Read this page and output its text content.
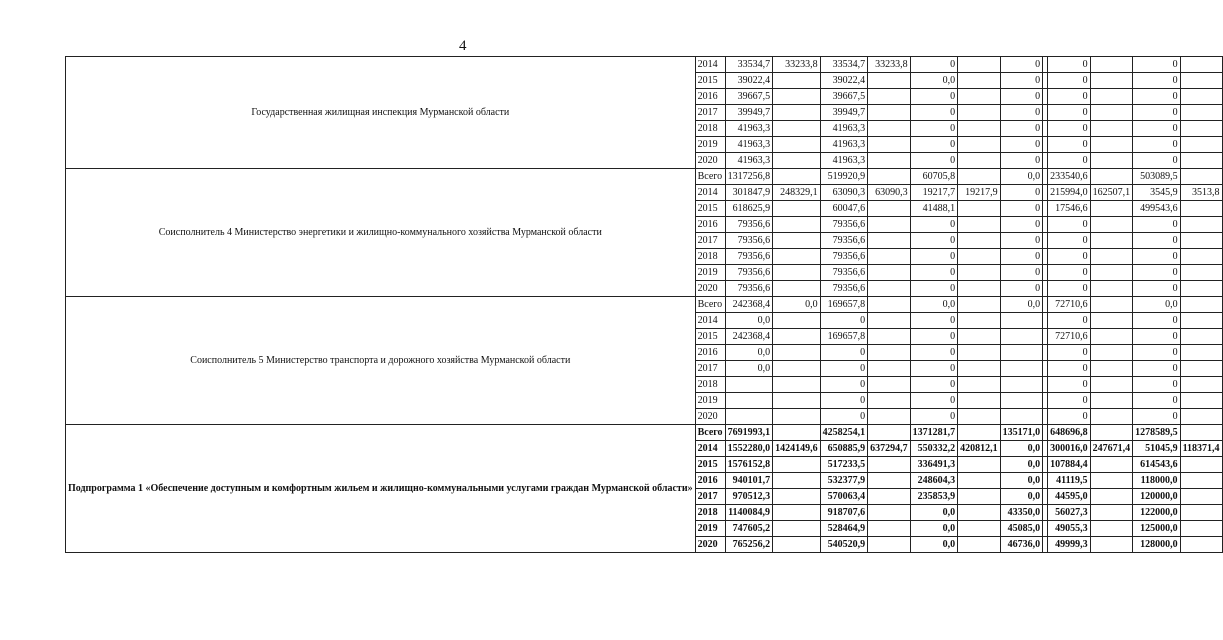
4
Государственная жилищная инспекция Мурманской области	2014	33534,7	33233,8	33534,7	33233,8	0		0		0		0	
	2015	39022,4		39022,4		0,0		0		0		0	
	2016	39667,5		39667,5		0		0		0		0	
	2017	39949,7		39949,7		0		0		0		0	
	2018	41963,3		41963,3		0		0		0		0	
	2019	41963,3		41963,3		0		0		0		0	
	2020	41963,3		41963,3		0		0		0		0	
Соисполнитель 4 Министерство энергетики и жилищно-коммунального хозяйства Мурманской области	Всего	1317256,8		519920,9		60705,8		0,0		233540,6		503089,5	
	2014	301847,9	248329,1	63090,3	63090,3	19217,7	19217,9	0		215994,0	162507,1	3545,9	3513,8
	2015	618625,9		60047,6		41488,1		0		17546,6		499543,6	
	2016	79356,6		79356,6		0		0		0		0	
	2017	79356,6		79356,6		0		0		0		0	
	2018	79356,6		79356,6		0		0		0		0	
	2019	79356,6		79356,6		0		0		0		0	
	2020	79356,6		79356,6		0		0		0		0	
Соисполнитель 5 Министерство транспорта и дорожного хозяйства Мурманской области	Всего	242368,4	0,0	169657,8		0,0		0,0		72710,6		0,0	
	2014	0,0		0		0				0		0	
	2015	242368,4		169657,8		0				72710,6		0	
	2016	0,0		0		0				0		0	
	2017	0,0		0		0				0		0	
	2018			0		0				0		0	
	2019			0		0				0		0	
	2020			0		0				0		0	
Подпрограмма 1 «Обеспечение доступным и комфортным жильем и жилищно-коммунальными услугами граждан Мурманской области»	Всего	7691993,1		4258254,1		1371281,7		135171,0		648696,8		1278589,5	
	2014	1552280,0	1424149,6	650885,9	637294,7	550332,2	420812,1	0,0		300016,0	247671,4	51045,9	118371,4
	2015	1576152,8		517233,5		336491,3		0,0		107884,4		614543,6	
	2016	940101,7		532377,9		248604,3		0,0		41119,5		118000,0	
	2017	970512,3		570063,4		235853,9		0,0		44595,0		120000,0	
	2018	1140084,9		918707,6		0,0		43350,0		56027,3		122000,0	
	2019	747605,2		528464,9		0,0		45085,0		49055,3		125000,0	
	2020	765256,2		540520,9		0,0		46736,0		49999,3		128000,0	
